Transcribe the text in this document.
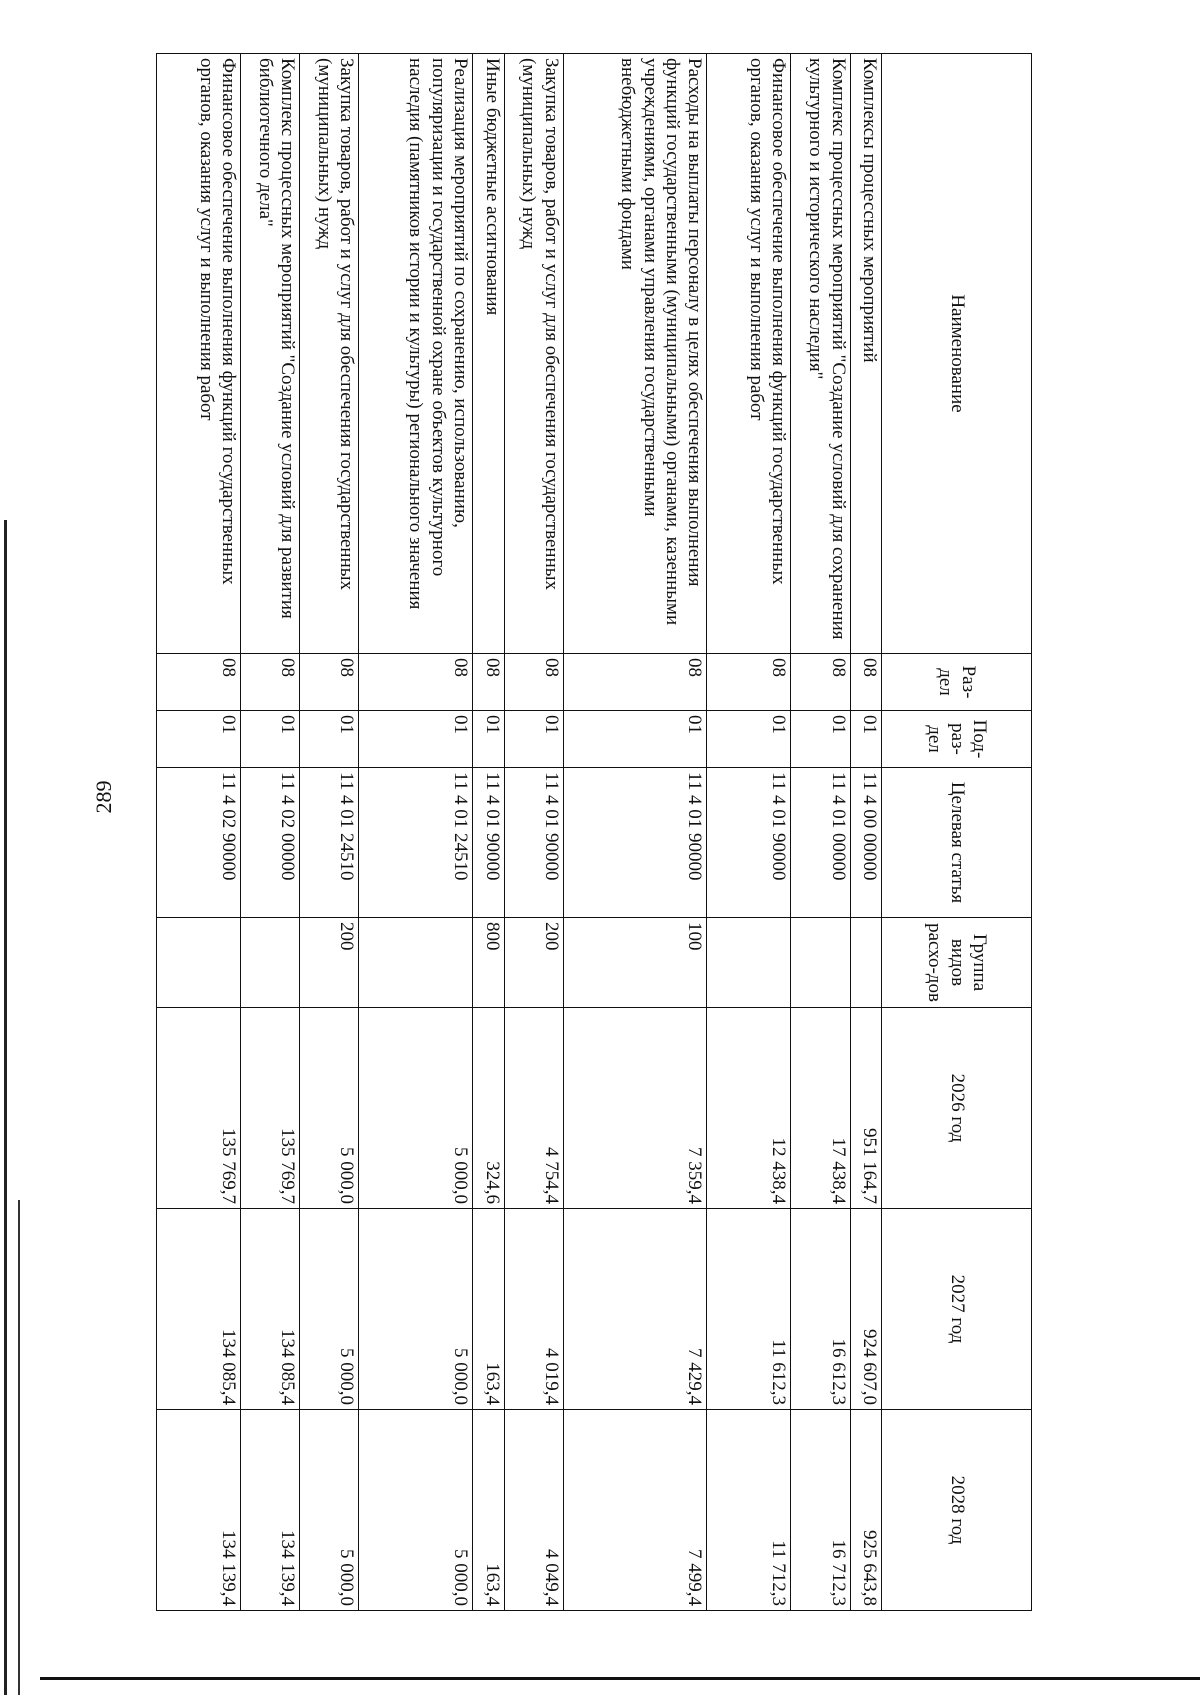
289
Наименование	Раз-дел	Под-раз-дел	Целевая статья	Группа видов расхо-дов	2026 год	2027 год	2028 год
Комплексы процессных мероприятий	08	01	11 4 00 00000		951 164,7	924 607,0	925 643,8
Комплекс процессных мероприятий "Создание условий для сохранения культурного и исторического наследия"	08	01	11 4 01 00000		17 438,4	16 612,3	16 712,3
Финансовое обеспечение выполнения функций государственных органов, оказания услуг и выполнения работ	08	01	11 4 01 90000		12 438,4	11 612,3	11 712,3
Расходы на выплаты персоналу в целях обеспечения выполнения функций государственными (муниципальными) органами, казенными учреждениями, органами управления государственными внебюджетными фондами	08	01	11 4 01 90000	100	7 359,4	7 429,4	7 499,4
Закупка товаров, работ и услуг для обеспечения государственных (муниципальных) нужд	08	01	11 4 01 90000	200	4 754,4	4 019,4	4 049,4
Иные бюджетные ассигнования	08	01	11 4 01 90000	800	324,6	163,4	163,4
Реализация мероприятий по сохранению, использованию, популяризации и государственной охране объектов культурного наследия (памятников истории и культуры) регионального значения	08	01	11 4 01 24510		5 000,0	5 000,0	5 000,0
Закупка товаров, работ и услуг для обеспечения государственных (муниципальных) нужд	08	01	11 4 01 24510	200	5 000,0	5 000,0	5 000,0
Комплекс процессных мероприятий "Создание условий для развития библиотечного дела"	08	01	11 4 02 00000		135 769,7	134 085,4	134 139,4
Финансовое обеспечение выполнения функций государственных органов, оказания услуг и выполнения работ	08	01	11 4 02 90000		135 769,7	134 085,4	134 139,4
